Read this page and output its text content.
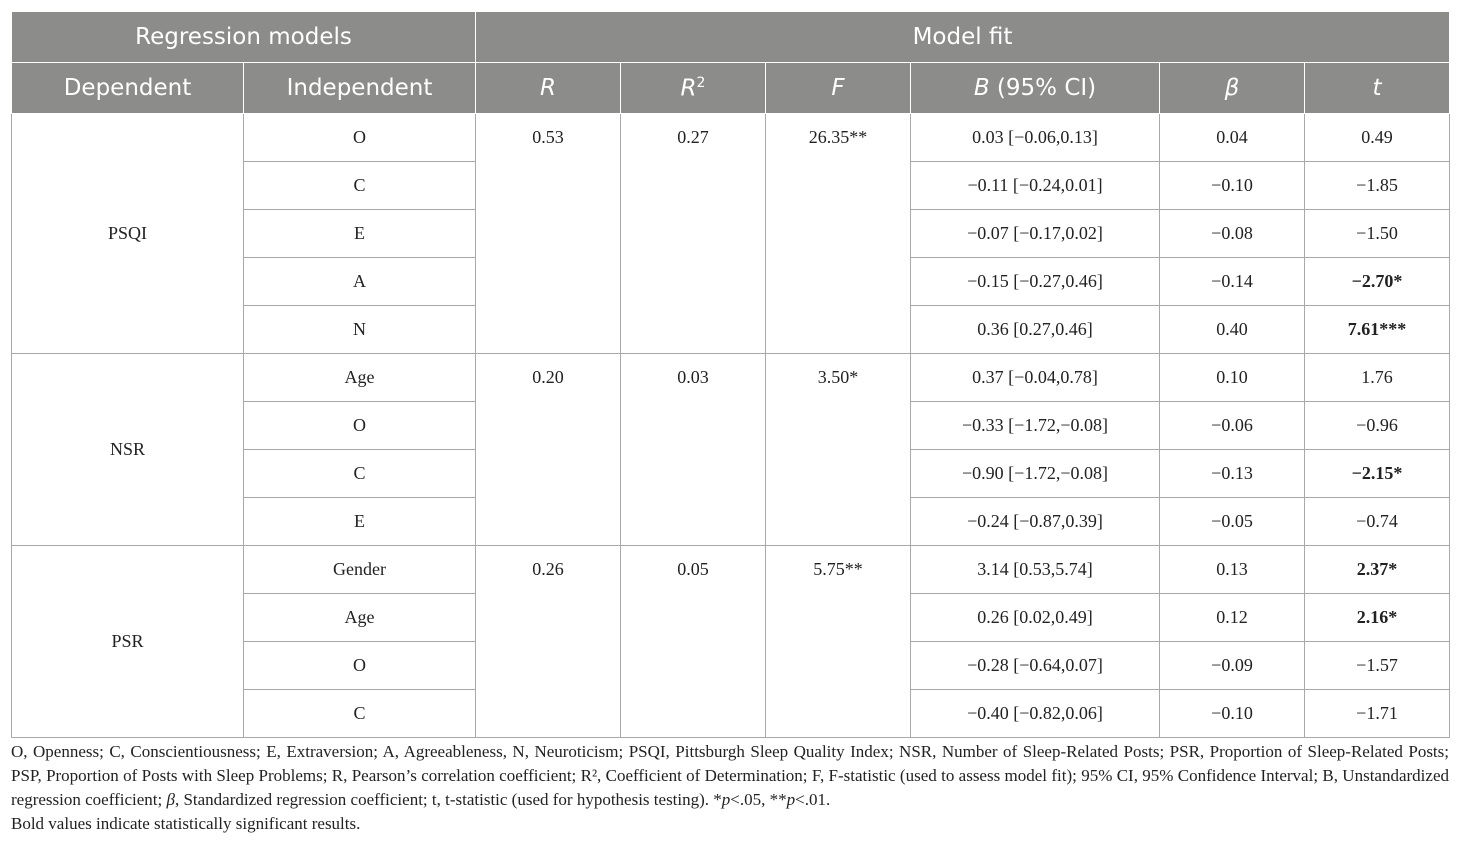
Regression models		Model fit					
Dependent	Independent	R	$R^2$	F	B (95% CI)	β	t
PSQI	O	0.53	0.27	26.35**	0.03 [−0.06,0.13]	0.04	0.49
	C				−0.11 [−0.24,0.01]	−0.10	−1.85
	E				−0.07 [−0.17,0.02]	−0.08	−1.50
	A				−0.15 [−0.27,0.46]	−0.14	−2.70*
	N				0.36 [0.27,0.46]	0.40	7.61***
NSR	Age	0.20	0.03	3.50*	0.37 [−0.04,0.78]	0.10	1.76
	O				−0.33 [−1.72,−0.08]	−0.06	−0.96
	C				−0.90 [−1.72,−0.08]	−0.13	−2.15*
	E				−0.24 [−0.87,0.39]	−0.05	−0.74
PSR	Gender	0.26	0.05	5.75**	3.14 [0.53,5.74]	0.13	2.37*
	Age				0.26 [0.02,0.49]	0.12	2.16*
	O				−0.28 [−0.64,0.07]	−0.09	−1.57
	C				−0.40 [−0.82,0.06]	−0.10	−1.71

O, Openness; C, Conscientiousness; E, Extraversion; A, Agreeableness, N, Neuroticism; PSQI, Pittsburgh Sleep Quality Index; NSR, Number of Sleep-Related Posts; PSR, Proportion of Sleep-Related Posts; PSP, Proportion of Posts with Sleep Problems; R, Pearson’s correlation coefficient; R², Coefficient of Determination; F, F-statistic (used to assess model fit); 95% CI, 95% Confidence Interval; B, Unstandardized regression coefficient; β, Standardized regression coefficient; t, t-statistic (used for hypothesis testing). *p<.05, **p<.01.

Bold values indicate statistically significant results.
